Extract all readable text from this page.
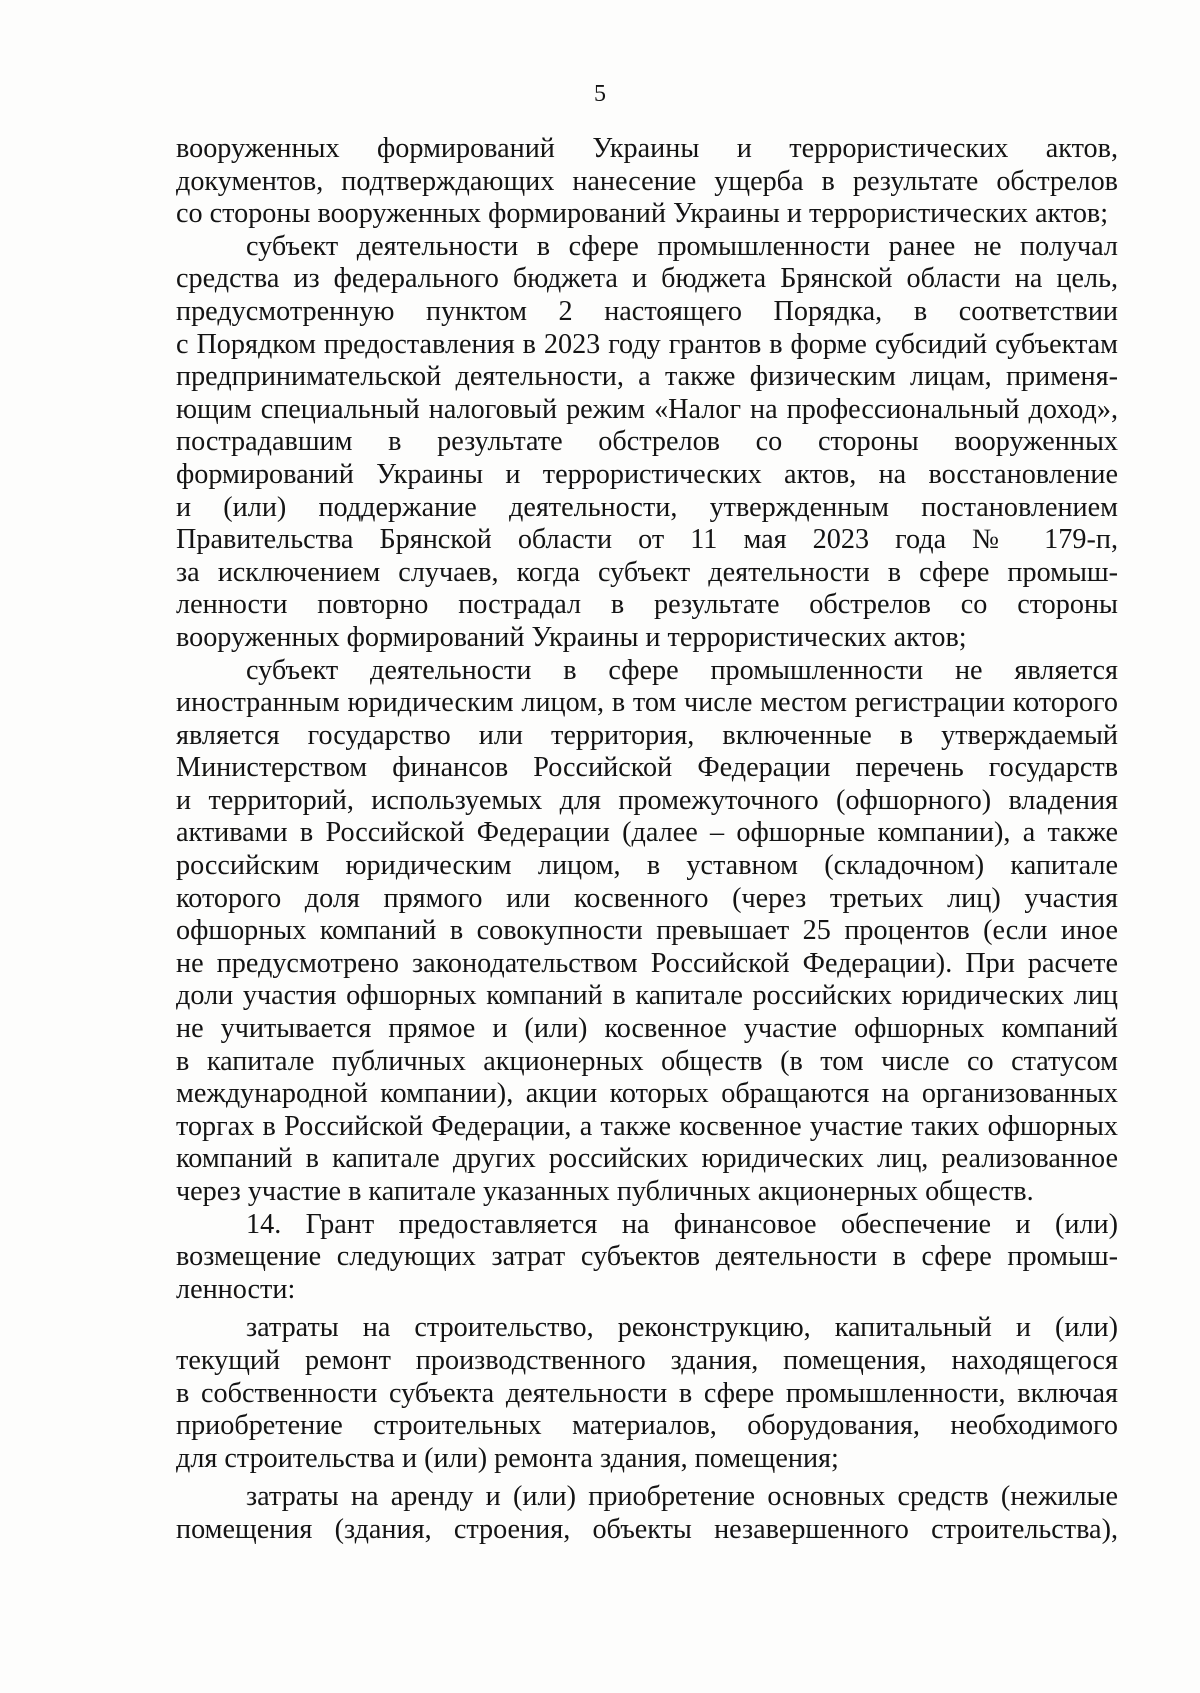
5
вооруженных формирований Украины и террористических актов,
документов, подтверждающих нанесение ущерба в результате обстрелов
со стороны вооруженных формирований Украины и террористических актов;
субъект деятельности в сфере промышленности ранее не получал
средства из федерального бюджета и бюджета Брянской области на цель,
предусмотренную пунктом 2 настоящего Порядка, в соответствии
с Порядком предоставления в 2023 году грантов в форме субсидий субъектам
предпринимательской деятельности, а также физическим лицам, применя-
ющим специальный налоговый режим «Налог на профессиональный доход»,
пострадавшим в результате обстрелов со стороны вооруженных
формирований Украины и террористических актов, на восстановление
и (или) поддержание деятельности, утвержденным постановлением
Правительства Брянской области от 11 мая 2023 года № 179-п,
за исключением случаев, когда субъект деятельности в сфере промыш-
ленности повторно пострадал в результате обстрелов со стороны
вооруженных формирований Украины и террористических актов;
субъект деятельности в сфере промышленности не является
иностранным юридическим лицом, в том числе местом регистрации которого
является государство или территория, включенные в утверждаемый
Министерством финансов Российской Федерации перечень государств
и территорий, используемых для промежуточного (офшорного) владения
активами в Российской Федерации (далее – офшорные компании), а также
российским юридическим лицом, в уставном (складочном) капитале
которого доля прямого или косвенного (через третьих лиц) участия
офшорных компаний в совокупности превышает 25 процентов (если иное
не предусмотрено законодательством Российской Федерации). При расчете
доли участия офшорных компаний в капитале российских юридических лиц
не учитывается прямое и (или) косвенное участие офшорных компаний
в капитале публичных акционерных обществ (в том числе со статусом
международной компании), акции которых обращаются на организованных
торгах в Российской Федерации, а также косвенное участие таких офшорных
компаний в капитале других российских юридических лиц, реализованное
через участие в капитале указанных публичных акционерных обществ.
14. Грант предоставляется на финансовое обеспечение и (или)
возмещение следующих затрат субъектов деятельности в сфере промыш-
ленности:
затраты на строительство, реконструкцию, капитальный и (или)
текущий ремонт производственного здания, помещения, находящегося
в собственности субъекта деятельности в сфере промышленности, включая
приобретение строительных материалов, оборудования, необходимого
для строительства и (или) ремонта здания, помещения;
затраты на аренду и (или) приобретение основных средств (нежилые
помещения (здания, строения, объекты незавершенного строительства),
